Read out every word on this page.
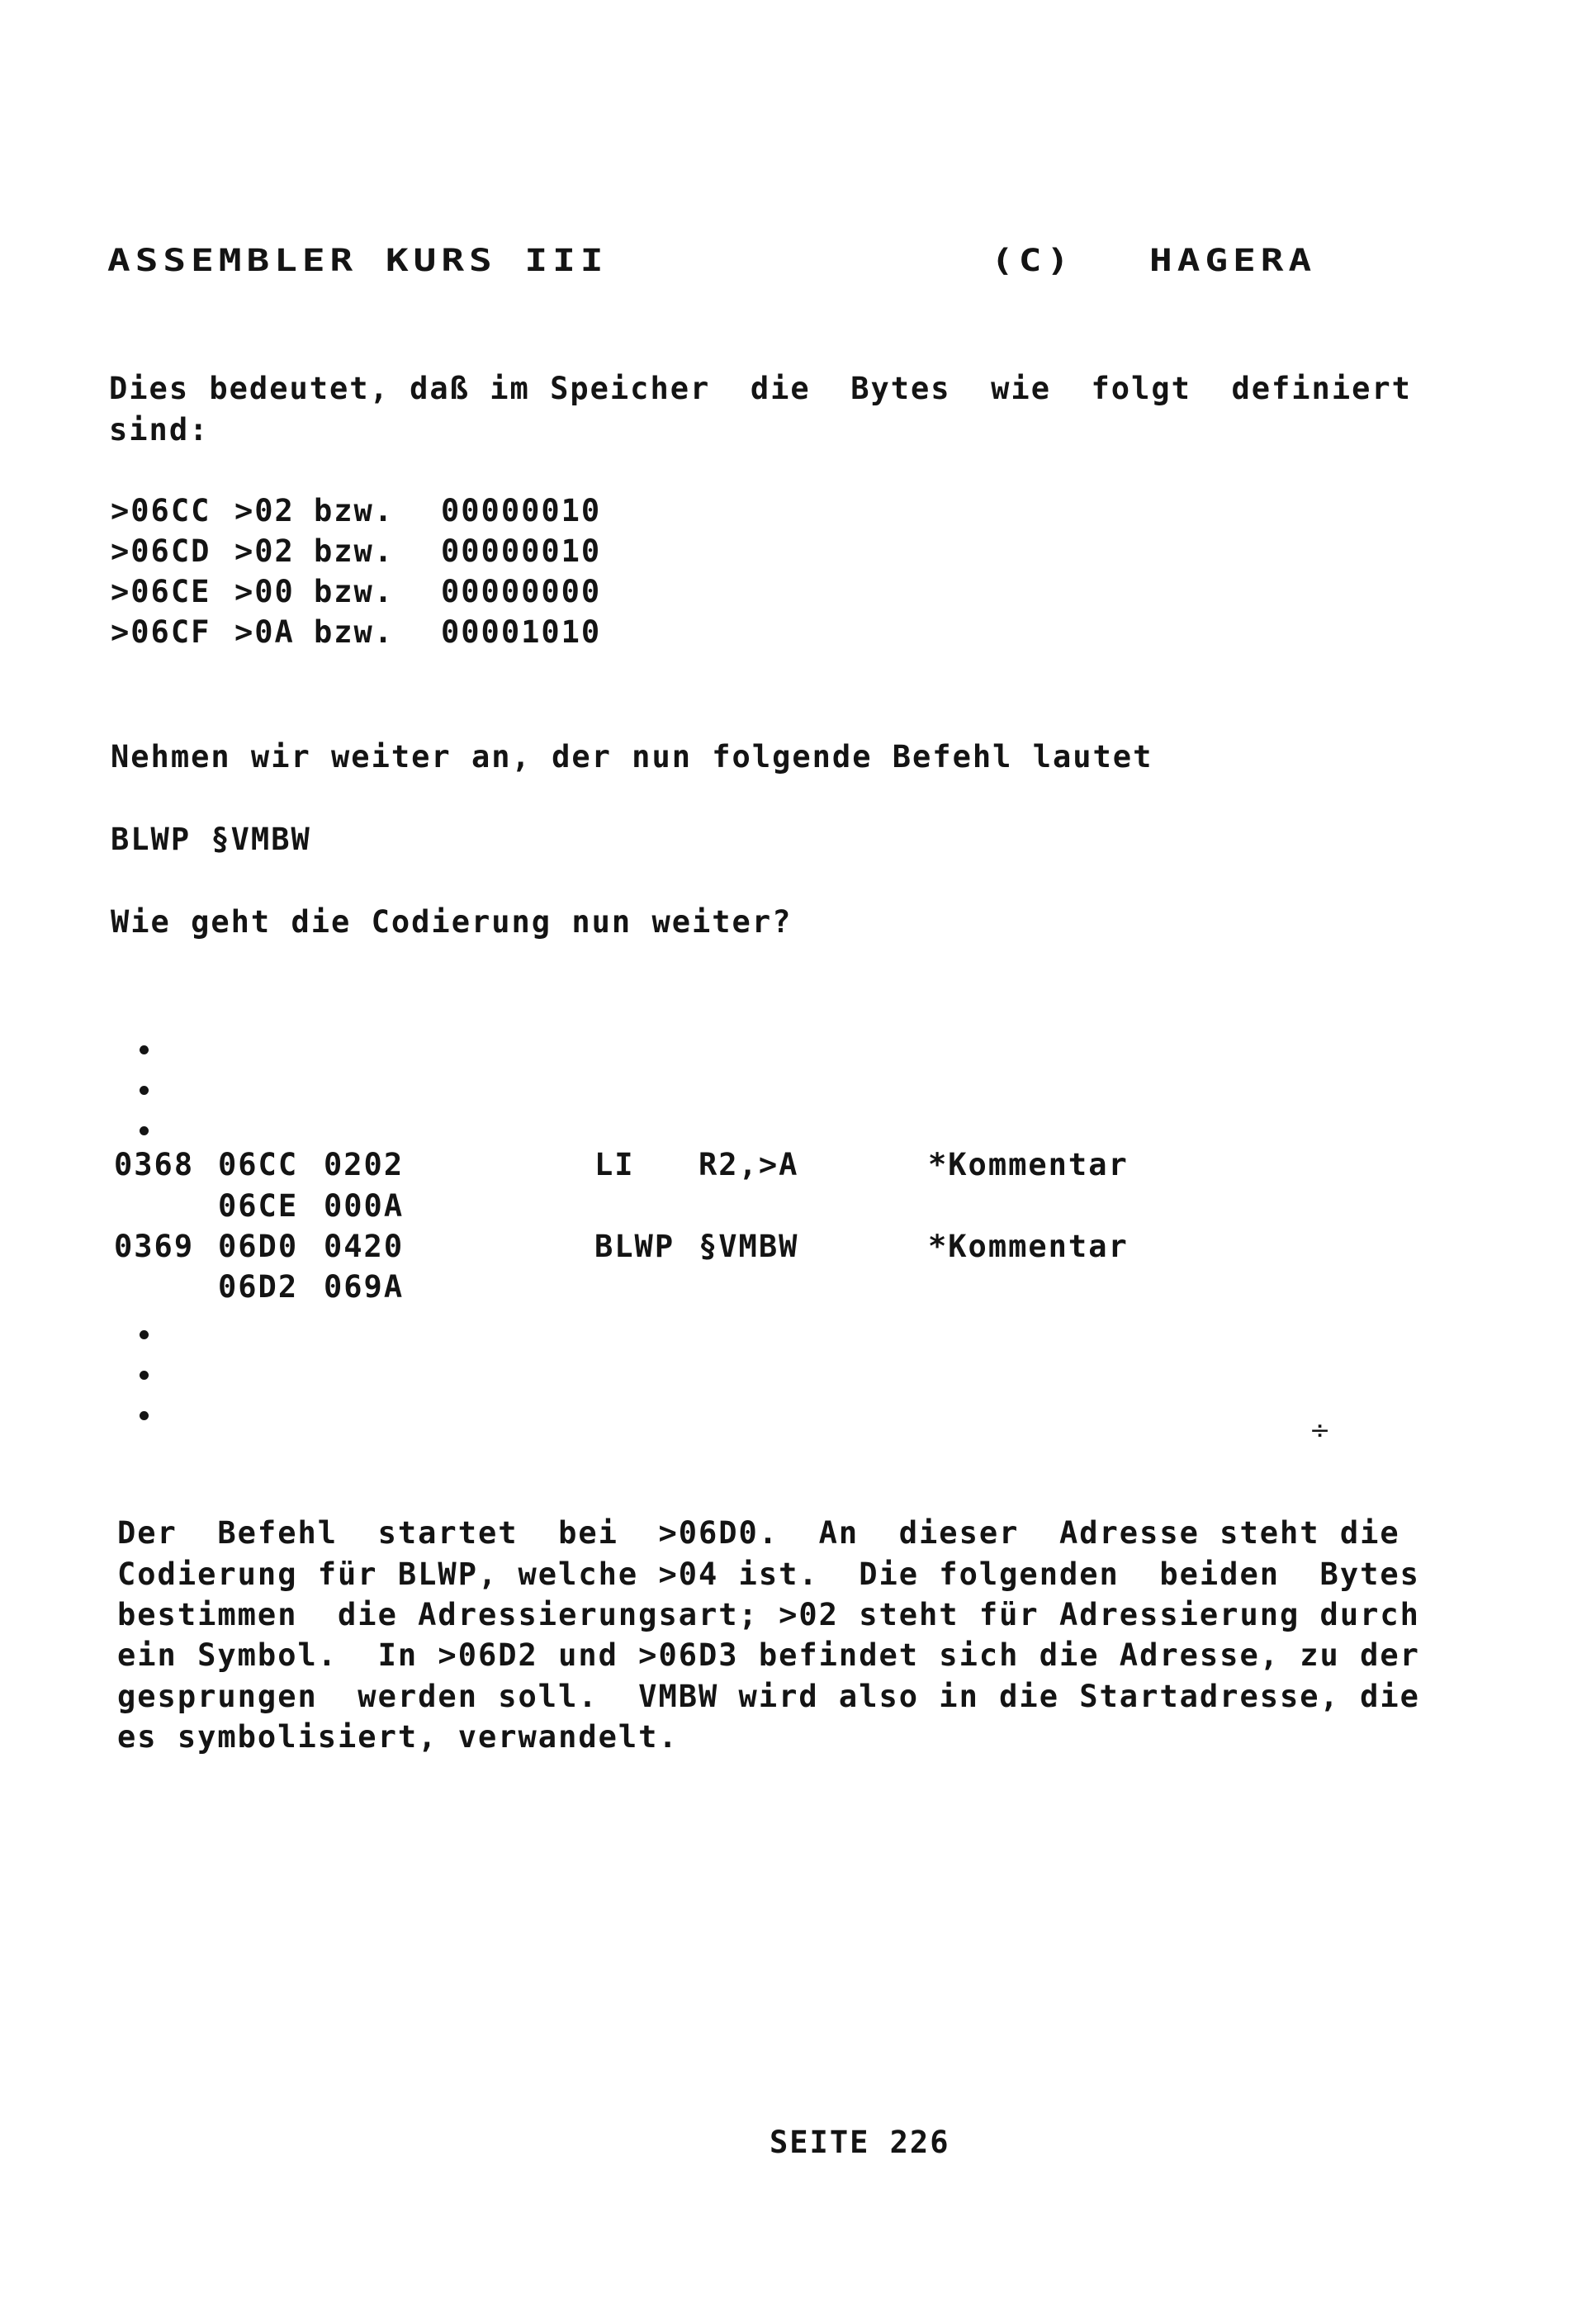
ASSEMBLER KURS III	(C) HAGERA
Dies bedeutet, daß im Speicher  die  Bytes  wie  folgt  definiert
sind:
>06CC >02 bzw. 00000010
>06CD >02 bzw. 00000010
>06CE >00 bzw. 00000000
>06CF >0A bzw. 00001010
Nehmen wir weiter an, der nun folgende Befehl lautet
BLWP §VMBW
Wie geht die Codierung nun weiter?
0368 06CC 0202	LI R2,>A	*Kommentar
06CE 000A
0369 06D0 0420	BLWP §VMBW	*Kommentar
06D2 069A
÷
Der  Befehl  startet  bei  >06D0.  An  dieser  Adresse steht die
Codierung für BLWP, welche >04 ist.  Die folgenden  beiden  Bytes
bestimmen  die Adressierungsart; >02 steht für Adressierung durch
ein Symbol.  In >06D2 und >06D3 befindet sich die Adresse, zu der
gesprungen  werden soll.  VMBW wird also in die Startadresse, die
es symbolisiert, verwandelt.
SEITE 226
